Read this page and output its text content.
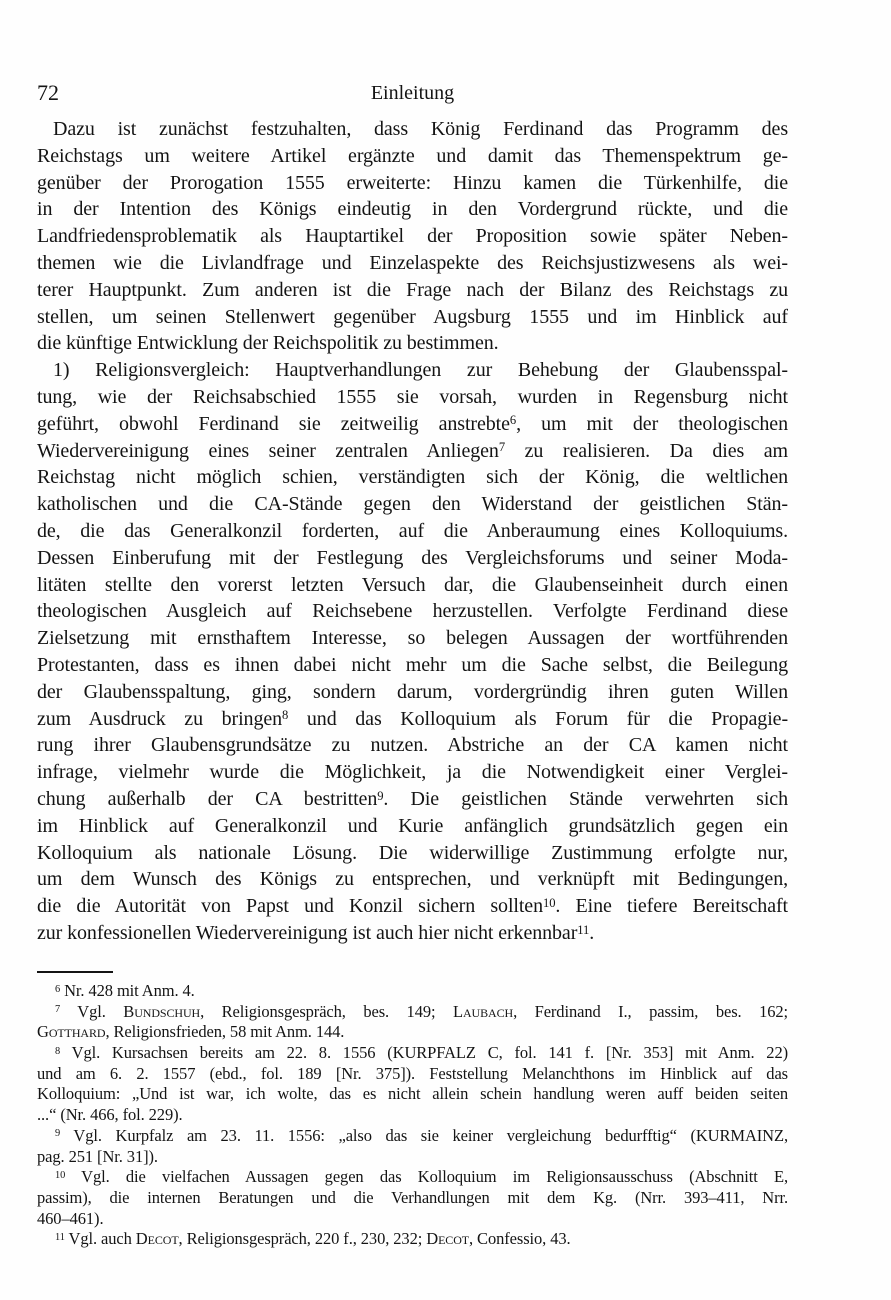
72	Einleitung
Dazu ist zunächst festzuhalten, dass König Ferdinand das Programm des
Reichstags um weitere Artikel ergänzte und damit das Themenspektrum ge-
genüber der Prorogation 1555 erweiterte: Hinzu kamen die Türkenhilfe, die
in der Intention des Königs eindeutig in den Vordergrund rückte, und die
Landfriedensproblematik als Hauptartikel der Proposition sowie später Neben-
themen wie die Livlandfrage und Einzelaspekte des Reichsjustizwesens als wei-
terer Hauptpunkt. Zum anderen ist die Frage nach der Bilanz des Reichstags zu
stellen, um seinen Stellenwert gegenüber Augsburg 1555 und im Hinblick auf
die künftige Entwicklung der Reichspolitik zu bestimmen.
1) Religionsvergleich: Hauptverhandlungen zur Behebung der Glaubensspal-
tung, wie der Reichsabschied 1555 sie vorsah, wurden in Regensburg nicht
geführt, obwohl Ferdinand sie zeitweilig anstrebte$^6$, um mit der theologischen
Wiedervereinigung eines seiner zentralen Anliegen$^7$ zu realisieren. Da dies am
Reichstag nicht möglich schien, verständigten sich der König, die weltlichen
katholischen und die CA-Stände gegen den Widerstand der geistlichen Stän-
de, die das Generalkonzil forderten, auf die Anberaumung eines Kolloquiums.
Dessen Einberufung mit der Festlegung des Vergleichsforums und seiner Moda-
litäten stellte den vorerst letzten Versuch dar, die Glaubenseinheit durch einen
theologischen Ausgleich auf Reichsebene herzustellen. Verfolgte Ferdinand diese
Zielsetzung mit ernsthaftem Interesse, so belegen Aussagen der wortführenden
Protestanten, dass es ihnen dabei nicht mehr um die Sache selbst, die Beilegung
der Glaubensspaltung, ging, sondern darum, vordergründig ihren guten Willen
zum Ausdruck zu bringen$^8$ und das Kolloquium als Forum für die Propagie-
rung ihrer Glaubensgrundsätze zu nutzen. Abstriche an der CA kamen nicht
infrage, vielmehr wurde die Möglichkeit, ja die Notwendigkeit einer Verglei-
chung außerhalb der CA bestritten$^9$. Die geistlichen Stände verwehrten sich
im Hinblick auf Generalkonzil und Kurie anfänglich grundsätzlich gegen ein
Kolloquium als nationale Lösung. Die widerwillige Zustimmung erfolgte nur,
um dem Wunsch des Königs zu entsprechen, und verknüpft mit Bedingungen,
die die Autorität von Papst und Konzil sichern sollten$^{10}$. Eine tiefere Bereitschaft
zur konfessionellen Wiedervereinigung ist auch hier nicht erkennbar$^{11}$.
$^6$ Nr. 428 mit Anm. 4.
$^7$ Vgl. Bundschuh, Religionsgespräch, bes. 149; Laubach, Ferdinand I., passim, bes. 162;
Gotthard, Religionsfrieden, 58 mit Anm. 144.
$^8$ Vgl. Kursachsen bereits am 22. 8. 1556 (KURPFALZ C, fol. 141 f. [Nr. 353] mit Anm. 22)
und am 6. 2. 1557 (ebd., fol. 189 [Nr. 375]). Feststellung Melanchthons im Hinblick auf das
Kolloquium: „Und ist war, ich wolte, das es nicht allein schein handlung weren auff beiden seiten
...“ (Nr. 466, fol. 229).
$^9$ Vgl. Kurpfalz am 23. 11. 1556: „also das sie keiner vergleichung bedurfftig“ (KURMAINZ,
pag. 251 [Nr. 31]).
$^{10}$ Vgl. die vielfachen Aussagen gegen das Kolloquium im Religionsausschuss (Abschnitt E,
passim), die internen Beratungen und die Verhandlungen mit dem Kg. (Nrr. 393–411, Nrr.
460–461).
$^{11}$ Vgl. auch Decot, Religionsgespräch, 220 f., 230, 232; Decot, Confessio, 43.
